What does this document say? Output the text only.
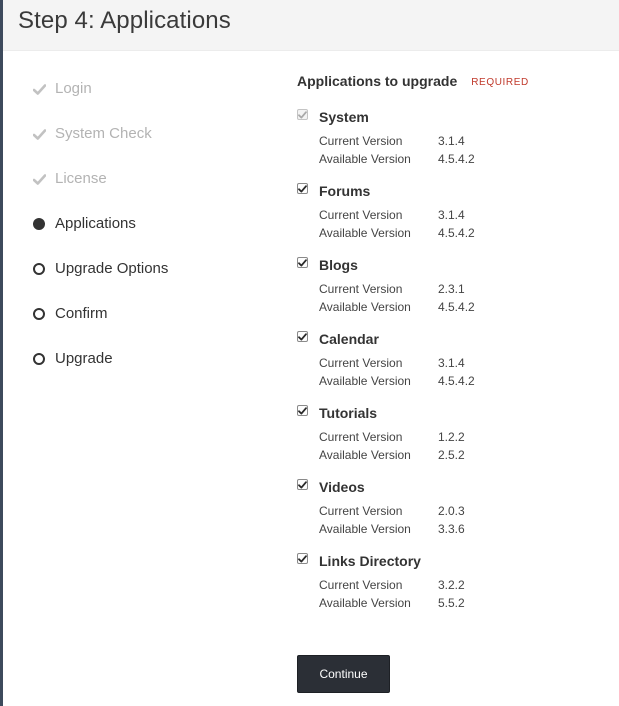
Step 4: Applications
Login
System Check
License
Applications
Upgrade Options
Confirm
Upgrade
Applications to upgrade REQUIRED
System
Current Version	3.1.4
Available Version	4.5.4.2
Forums
Current Version	3.1.4
Available Version	4.5.4.2
Blogs
Current Version	2.3.1
Available Version	4.5.4.2
Calendar
Current Version	3.1.4
Available Version	4.5.4.2
Tutorials
Current Version	1.2.2
Available Version	2.5.2
Videos
Current Version	2.0.3
Available Version	3.3.6
Links Directory
Current Version	3.2.2
Available Version	5.5.2
Continue
